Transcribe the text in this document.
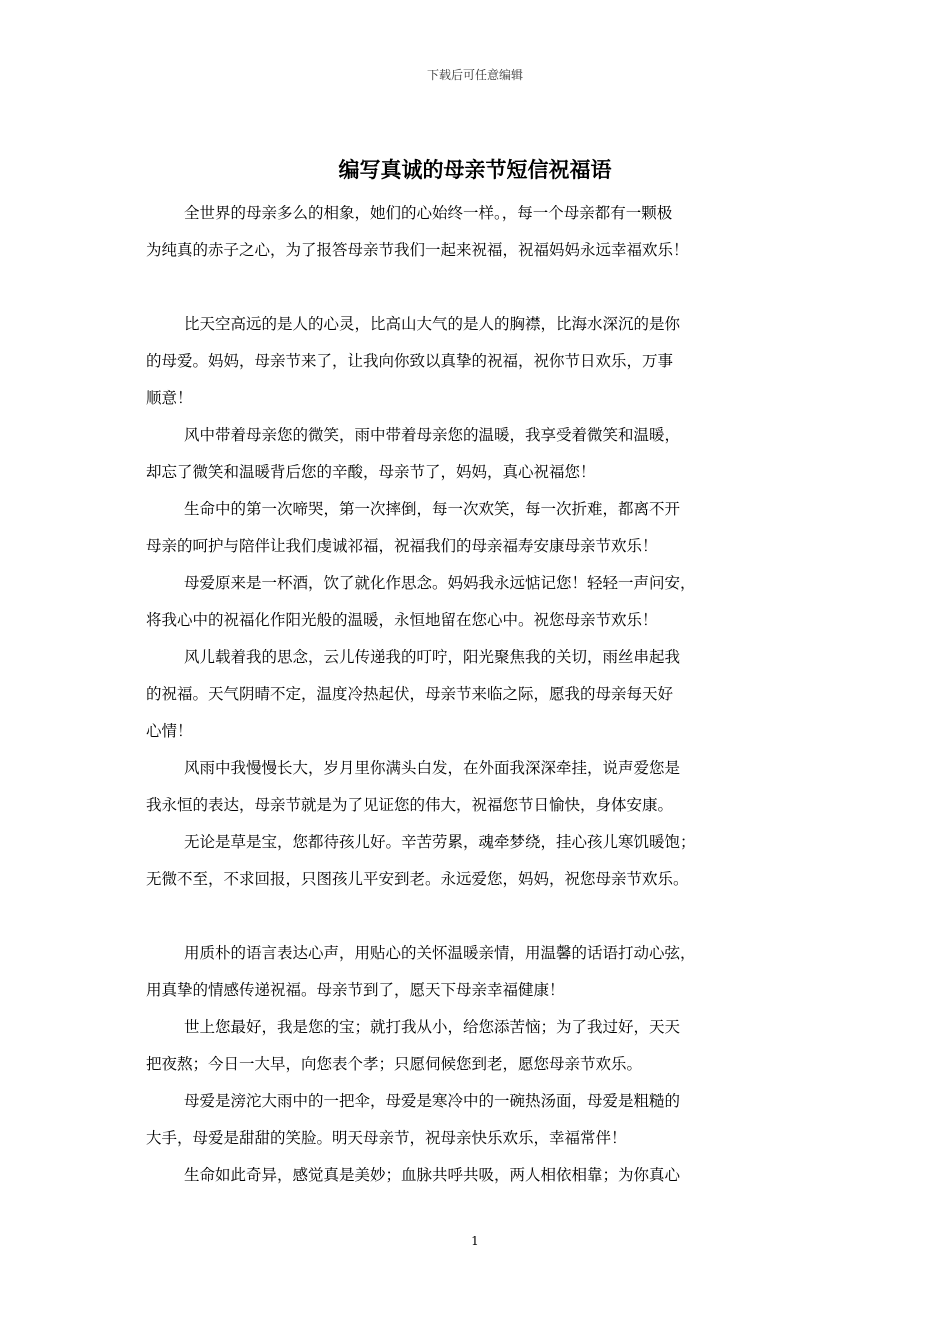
下载后可任意编辑
编写真诚的母亲节短信祝福语

全世界的母亲多么的相象，她们的心始终一样。，每一个母亲都有一颗极
为纯真的赤子之心，为了报答母亲节我们一起来祝福，祝福妈妈永远幸福欢乐！

比天空高远的是人的心灵，比高山大气的是人的胸襟，比海水深沉的是你
的母爱。妈妈，母亲节来了，让我向你致以真挚的祝福，祝你节日欢乐，万事
顺意！

风中带着母亲您的微笑，雨中带着母亲您的温暖，我享受着微笑和温暖，
却忘了微笑和温暖背后您的辛酸，母亲节了，妈妈，真心祝福您！

生命中的第一次啼哭，第一次摔倒，每一次欢笑，每一次折难，都离不开
母亲的呵护与陪伴让我们虔诚祁福，祝福我们的母亲福寿安康母亲节欢乐！

母爱原来是一杯酒，饮了就化作思念。妈妈我永远惦记您！轻轻一声问安，
将我心中的祝福化作阳光般的温暖，永恒地留在您心中。祝您母亲节欢乐！

风儿载着我的思念，云儿传递我的叮咛，阳光聚焦我的关切，雨丝串起我
的祝福。天气阴晴不定，温度冷热起伏，母亲节来临之际，愿我的母亲每天好
心情！

风雨中我慢慢长大，岁月里你满头白发，在外面我深深牵挂，说声爱您是
我永恒的表达，母亲节就是为了见证您的伟大，祝福您节日愉快，身体安康。

无论是草是宝，您都待孩儿好。辛苦劳累，魂牵梦绕，挂心孩儿寒饥暖饱；
无微不至，不求回报，只图孩儿平安到老。永远爱您，妈妈，祝您母亲节欢乐。

用质朴的语言表达心声，用贴心的关怀温暖亲情，用温馨的话语打动心弦，
用真挚的情感传递祝福。母亲节到了，愿天下母亲幸福健康！

世上您最好，我是您的宝；就打我从小，给您添苦恼；为了我过好，天天
把夜熬；今日一大早，向您表个孝；只愿伺候您到老，愿您母亲节欢乐。

母爱是滂沱大雨中的一把伞，母爱是寒冷中的一碗热汤面，母爱是粗糙的
大手，母爱是甜甜的笑脸。明天母亲节，祝母亲快乐欢乐，幸福常伴！

生命如此奇异，感觉真是美妙；血脉共呼共吸，两人相依相靠；为你真心

1
